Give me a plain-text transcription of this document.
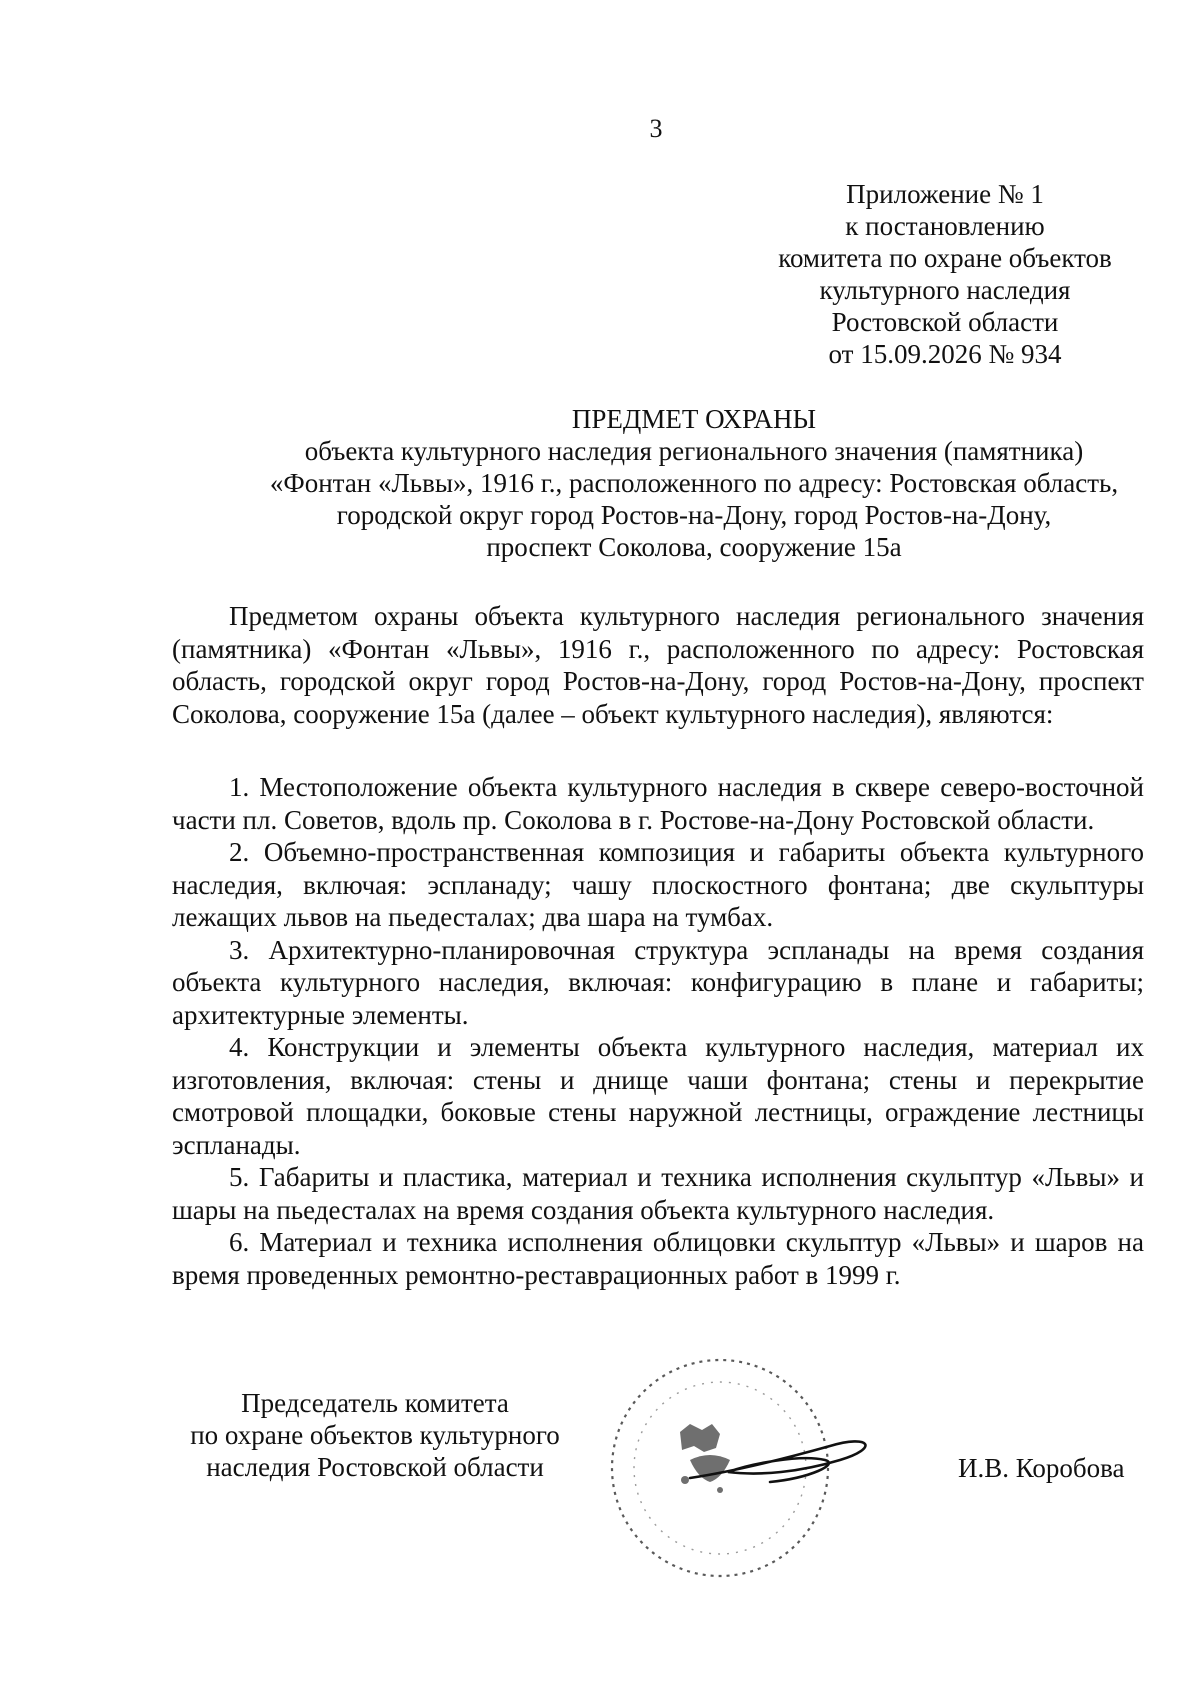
3
Приложение № 1
к постановлению
комитета по охране объектов
культурного наследия
Ростовской области
от 15.09.2026 № 934
ПРЕДМЕТ ОХРАНЫ
объекта культурного наследия регионального значения (памятника)
«Фонтан «Львы», 1916 г., расположенного по адресу: Ростовская область,
городской округ город Ростов-на-Дону, город Ростов-на-Дону,
проспект Соколова, сооружение 15а

Предметом охраны объекта культурного наследия регионального значения (памятника) «Фонтан «Львы», 1916 г., расположенного по адресу: Ростовская область, городской округ город Ростов-на-Дону, город Ростов-на-Дону, проспект Соколова, сооружение 15а (далее – объект культурного наследия), являются:

1. Местоположение объекта культурного наследия в сквере северо-восточной части пл. Советов, вдоль пр. Соколова в г. Ростове-на-Дону Ростовской области.

2. Объемно-пространственная композиция и габариты объекта культурного наследия, включая: эспланаду; чашу плоскостного фонтана; две скульптуры лежащих львов на пьедесталах; два шара на тумбах.

3. Архитектурно-планировочная структура эспланады на время создания объекта культурного наследия, включая: конфигурацию в плане и габариты; архитектурные элементы.

4. Конструкции и элементы объекта культурного наследия, материал их изготовления, включая: стены и днище чаши фонтана; стены и перекрытие смотровой площадки, боковые стены наружной лестницы, ограждение лестницы эспланады.

5. Габариты и пластика, материал и техника исполнения скульптур «Львы» и шары на пьедесталах на время создания объекта культурного наследия.

6. Материал и техника исполнения облицовки скульптур «Львы» и шаров на время проведенных ремонтно-реставрационных работ в 1999 г.

Председатель комитета
по охране объектов культурного
наследия Ростовской области	И.В. Коробова
